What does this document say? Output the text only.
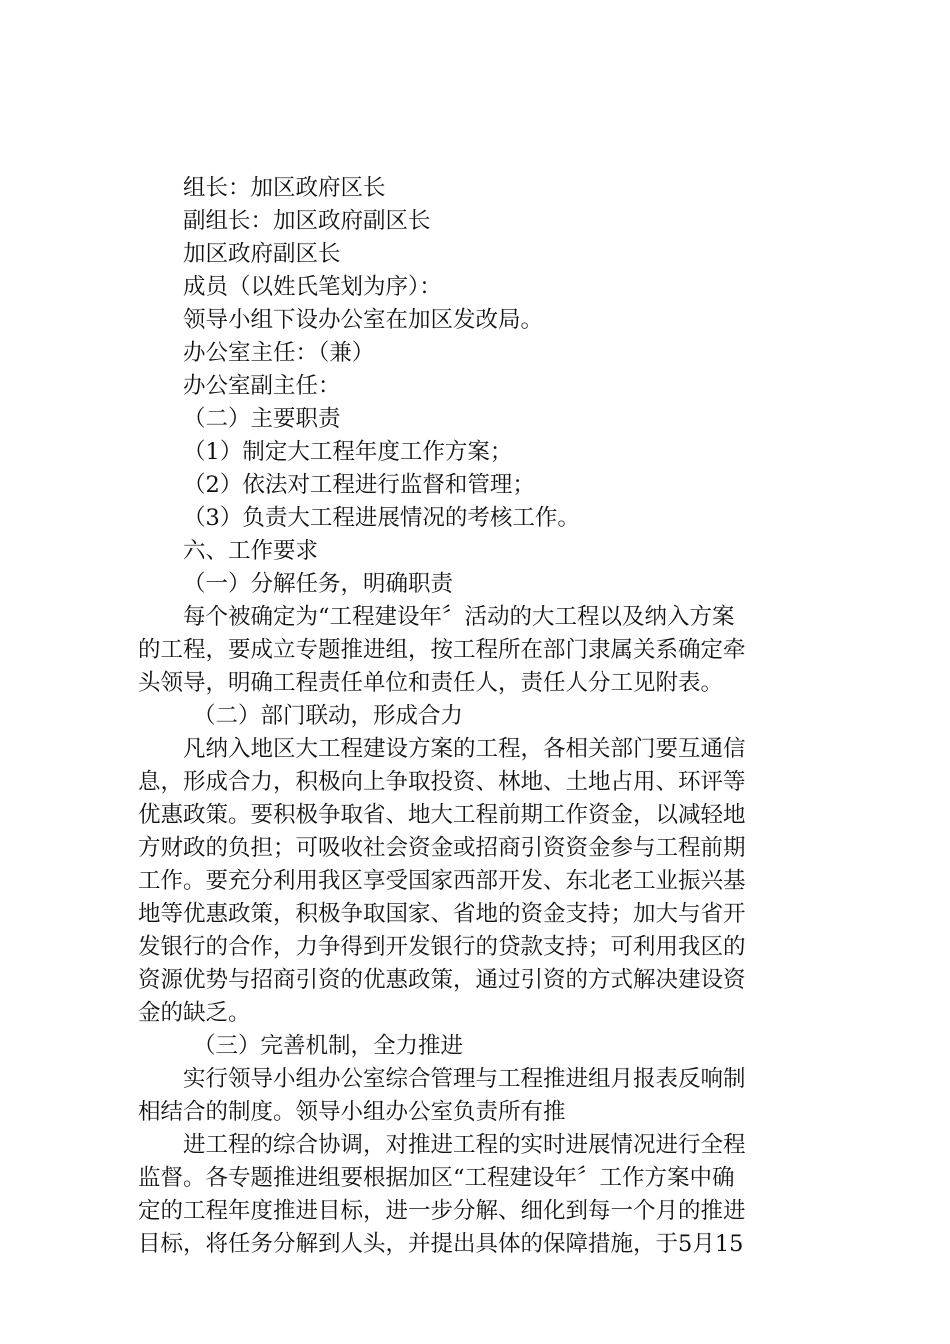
组长：加区政府区长
副组长：加区政府副区长
加区政府副区长
成员（以姓氏笔划为序）：
领导小组下设办公室在加区发改局。
办公室主任：（兼）
办公室副主任：
（二）主要职责
（1）制定大工程年度工作方案；
（2）依法对工程进行监督和管理；
（3）负责大工程进展情况的考核工作。
六、工作要求
（一）分解任务，明确职责
每个被确定为“工程建设年〞活动的大工程以及纳入方案
的工程，要成立专题推进组，按工程所在部门隶属关系确定牵
头领导，明确工程责任单位和责任人，责任人分工见附表。
（二）部门联动，形成合力
凡纳入地区大工程建设方案的工程，各相关部门要互通信
息，形成合力，积极向上争取投资、林地、土地占用、环评等
优惠政策。要积极争取省、地大工程前期工作资金，以减轻地
方财政的负担；可吸收社会资金或招商引资资金参与工程前期
工作。要充分利用我区享受国家西部开发、东北老工业振兴基
地等优惠政策，积极争取国家、省地的资金支持；加大与省开
发银行的合作，力争得到开发银行的贷款支持；可利用我区的
资源优势与招商引资的优惠政策，通过引资的方式解决建设资
金的缺乏。
（三）完善机制，全力推进
实行领导小组办公室综合管理与工程推进组月报表反响制
相结合的制度。领导小组办公室负责所有推
进工程的综合协调，对推进工程的实时进展情况进行全程
监督。各专题推进组要根据加区“工程建设年〞工作方案中确
定的工程年度推进目标，进一步分解、细化到每一个月的推进
目标，将任务分解到人头，并提出具体的保障措施，于5月15
